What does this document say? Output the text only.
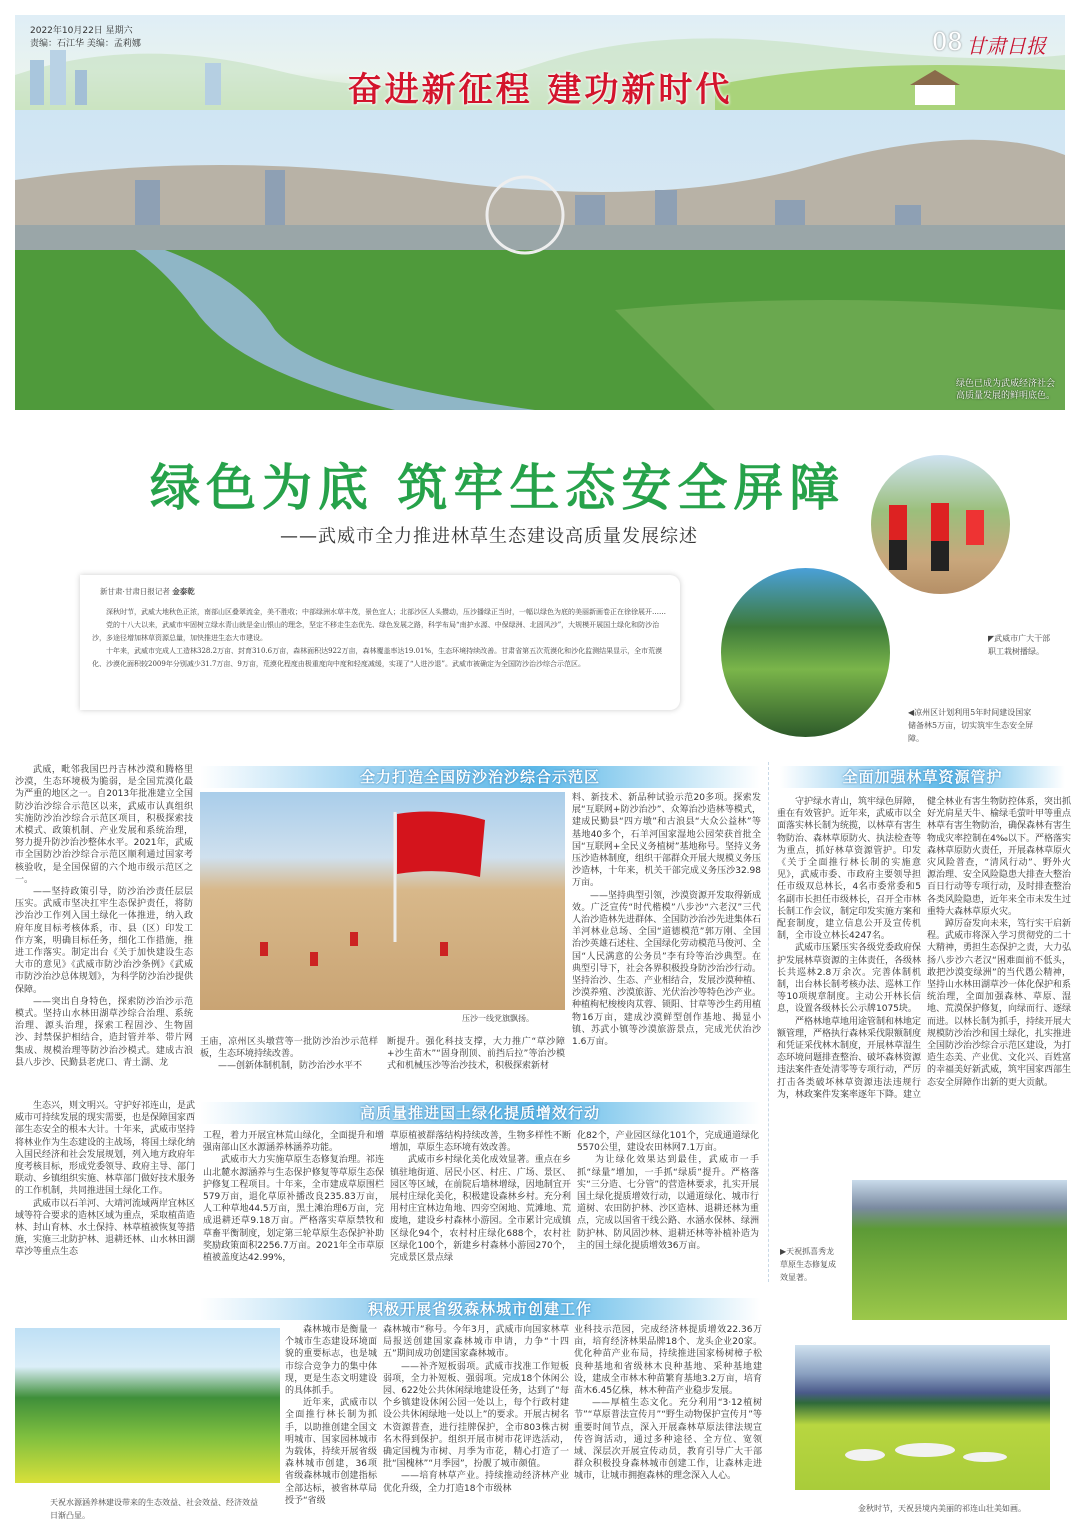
2022年10月22日 星期六
责编：石江华 美编：孟莉娜	08 甘肃日报
奋进新征程 建功新时代
绿色已成为武威经济社会
高质量发展的鲜明底色。
绿色为底 筑牢生态安全屏障
——武威市全力推进林草生态建设高质量发展综述
◤武威市广大干部职工栽树播绿。
◀凉州区计划利用5年时间建设国家储备林5万亩，切实筑牢生态安全屏障。
新甘肃·甘肃日报记者 金泰乾

深秋时节，武威大地秋色正浓，南部山区叠翠流金，美不胜收；中部绿洲水草丰茂，景色宜人；北部沙区人头攒动，压沙播绿正当时，一幅以绿色为底的美丽新画卷正在徐徐展开……

党的十八大以来，武威市牢固树立绿水青山就是金山银山的理念，坚定不移走生态优先、绿色发展之路，科学布局“南护水源、中保绿洲、北固风沙”，大规模开展国土绿化和防沙治沙，多途径增加林草资源总量，加快推进生态大市建设。

十年来，武威市完成人工造林328.2万亩、封育310.6万亩，森林面积达922万亩，森林覆盖率达19.01%，生态环境持续改善。甘肃省第五次荒漠化和沙化监测结果显示，全市荒漠化、沙漠化面积较2009年分别减少31.7万亩、9万亩，荒漠化程度由极重度向中度和轻度减缓，实现了“人进沙退”。武威市被确定为全国防沙治沙综合示范区。

全力打造全国防沙治沙综合示范区

武威，毗邻我国巴丹吉林沙漠和腾格里沙漠，生态环境极为脆弱，是全国荒漠化最为严重的地区之一。自2013年批准建立全国防沙治沙综合示范区以来，武威市认真组织实施防沙治沙综合示范区项目，积极探索技术模式、政策机制、产业发展和系统治理，努力提升防沙治沙整体水平。2021年，武威市全国防沙治沙综合示范区顺利通过国家考核验收，是全国保留的六个地市级示范区之一。

——坚持政策引导，防沙治沙责任层层压实。武威市坚决扛牢生态保护责任，将防沙治沙工作列入国土绿化一体推进，纳入政府年度目标考核体系，市、县（区）印发工作方案，明确目标任务，细化工作措施，推进工作落实。制定出台《关于加快建设生态大市的意见》《武威市防沙治沙条例》《武威市防沙治沙总体规划》，为科学防沙治沙提供保障。

——突出自身特色，探索防沙治沙示范模式。坚持山水林田湖草沙综合治理、系统治理、源头治理，探索工程固沙、生物固沙、封禁保护相结合，造封管并举、带片网集成、规模治理等防沙治沙模式。建成古浪县八步沙、民勤县老虎口、青土湖、龙

压沙一线党旗飘扬。

王庙，凉州区头墩营等一批防沙治沙示范样板，生态环境持续改善。

——创新体制机制，防沙治沙水平不

断提升。强化科技支撑，大力推广“草沙障+沙生苗木”“固身削顶、前挡后拉”等治沙模式和机械压沙等治沙技术，积极探索新材

料、新技术、新品种试验示范20多项。探索发展“互联网+防沙治沙”、众筹治沙造林等模式，建成民勤县“四方墩”和古浪县“大众公益林”等基地40多个，石羊河国家湿地公园荣获首批全国“互联网+全民义务植树”基地称号。坚持义务压沙造林制度，组织干部群众开展大规模义务压沙造林，十年来，机关干部完成义务压沙32.98万亩。

——坚持典型引领，沙漠资源开发取得新成效。广泛宣传“时代楷模”八步沙“六老汉”三代人治沙造林先进群体、全国防沙治沙先进集体石羊河林业总场、全国“道德模范”郭万刚、全国治沙英雄石述柱、全国绿化劳动模范马俊河、全国“人民满意的公务员”李有玲等治沙典型。在典型引导下，社会各界积极投身防沙治沙行动。坚持治沙、生态、产业相结合，发展沙漠种植、沙漠养殖、沙漠旅游、光伏治沙等特色沙产业。种植枸杞梭梭肉苁蓉、锁阳、甘草等沙生药用植物16万亩，建成沙漠鲜型创作基地、揭显小镇、苏武小镇等沙漠旅游景点，完成光伏治沙1.6万亩。

全面加强林草资源管护

守护绿水青山，筑牢绿色屏障，重在有效管护。近年来，武威市以全面落实林长制为统揽，以林草有害生物防治、森林草原防火、执法检查等为重点，抓好林草资源管护。印发《关于全面推行林长制的实施意见》，武威市委、市政府主要领导担任市级双总林长，4名市委常委和5名副市长担任市级林长，召开全市林长制工作会议，制定印发实施方案和配套制度，建立信息公开及宣传机制，全市设立林长4247名。

武威市压紧压实各级党委政府保护发展林草资源的主体责任，各级林长共巡林2.8万余次。完善体制机制，出台林长制考核办法、巡林工作等10项规章制度。主动公开林长信息，设置各级林长公示牌1075块。

严格林地草地用途管制和林地定额管理，严格执行森林采伐限额制度和凭证采伐林木制度，开展林草湿生态环境问题排查整治、破坏森林资源违法案件查处清零等专项行动，严厉打击各类破坏林草资源违法违规行为，林政案件发案率逐年下降。建立

健全林业有害生物防控体系，突出抓好光肩星天牛、榆绿毛萤叶甲等重点林草有害生物防治，确保森林有害生物成灾率控制在4‰以下。严格落实森林草原防火责任，开展森林草原火灾风险普查，“清风行动”、野外火源治理、安全风险隐患大排查大整治百日行动等专项行动，及时排查整治各类风险隐患，近年来全市未发生过重特大森林草原火灾。

踔厉奋发向未来，笃行实干启新程。武威市将深入学习贯彻党的二十大精神，勇担生态保护之责，大力弘扬八步沙六老汉“困难面前不低头，敢把沙漠变绿洲”的当代愚公精神，坚持山水林田湖草沙一体化保护和系统治理，全面加强森林、草原、湿地、荒漠保护修复，向绿而行、逐绿而进。以林长制为抓手，持续开展大规模防沙治沙和国土绿化，扎实推进全国防沙治沙综合示范区建设，为打造生态美、产业优、文化兴、百姓富的幸福美好新武威，筑牢国家西部生态安全屏障作出新的更大贡献。

高质量推进国土绿化提质增效行动

生态兴，则文明兴。守护好祁连山，是武威市可持续发展的现实需要，也是保障国家西部生态安全的根本大计。十年来，武威市坚持将林业作为生态建设的主战场，将国土绿化纳入国民经济和社会发展规划，列入地方政府年度考核目标，形成党委领导、政府主导、部门联动、乡镇组织实施、林草部门做好技术服务的工作机制，共同推进国土绿化工作。

武威市以石羊河、大靖河流域两岸宜林区域等符合要求的造林区域为重点，采取植苗造林、封山育林、水土保持、林草植被恢复等措施，实施三北防护林、退耕还林、山水林田湖草沙等重点生态

工程，着力开展宜林荒山绿化，全面提升和增强南部山区水源涵养林涵养功能。

武威市大力实施草原生态修复治理。祁连山北麓水源涵养与生态保护修复等草原生态保护修复工程项目。十年来，全市建成草原围栏579万亩，退化草原补播改良235.83万亩，人工种草地44.5万亩，黑土滩治理6万亩，完成退耕还草9.18万亩。严格落实草原禁牧和草畜平衡制度，划定第三轮草原生态保护补助奖励政策面积2256.7万亩。2021年全市草原植被盖度达42.99%，

草原植被群落结构持续改善，生物多样性不断增加，草原生态环境有效改善。

武威市乡村绿化美化成效显著。重点在乡镇驻地街道、居民小区、村庄、广场、景区、园区等区域，在前院后墙林增绿，因地制宜开展村庄绿化美化，积极建设森林乡村。充分利用村庄宜林边角地、四旁空闲地、荒滩地、荒废地，建设乡村森林小游园。全市累计完成镇区绿化94个，农村村庄绿化688个，农村社区绿化100个，新建乡村森林小游园270个，完成景区景点绿

化82个，产业园区绿化101个，完成通道绿化5570公里，建设农田林网7.1万亩。

为让绿化效果达到最佳，武威市一手抓“绿量”增加，一手抓“绿质”提升。严格落实“三分造、七分管”的营造林要求，扎实开展国土绿化提质增效行动，以通道绿化、城市行道树、农田防护林、沙区造林、退耕还林为重点，完成以国省干线公路、水涵水保林、绿洲防护林、防风固沙林、退耕还林等补植补造为主的国土绿化提质增效36万亩。

▶天祝抓喜秀龙草原生态修复成效显著。
积极开展省级森林城市创建工作
天祝水源涵养林建设带来的生态效益、社会效益、经济效益日渐凸显。

森林城市是衡量一个城市生态建设环境面貌的重要标志，也是城市综合竞争力的集中体现，更是生态文明建设的具体抓手。

近年来，武威市以全面推行林长制为抓手，以助推创建全国文明城市、国家园林城市为载体，持续开展省级森林城市创建，36项省级森林城市创建指标全部达标，被省林草局授予“省级

森林城市”称号。今年3月，武威市向国家林草局报送创建国家森林城市申请，力争“十四五”期间成功创建国家森林城市。

——补齐短板弱项。武威市找准工作短板弱项，全力补短板、强弱项。完成18个休闲公园、622处公共休闲绿地建设任务，达到了“每个乡镇建设休闲公园一处以上，每个行政村建设公共休闲绿地一处以上”的要求。开展古树名木资源普查，进行挂牌保护，全市803株古树名木得到保护。组织开展市树市花评选活动，确定国槐为市树、月季为市花，精心打造了一批“国槐林”“月季园”，扮靓了城市颜值。

——培育林草产业。持续推动经济林产业优化升级，全力打造18个市级林

业科技示范园，完成经济林提质增效22.36万亩，培育经济林果品牌18个、龙头企业20家。优化种苗产业布局，持续推进国家杨树樟子松良种基地和省级林木良种基地、采种基地建设，建成全市林木种苗繁育基地3.2万亩，培育苗木6.45亿株，林木种苗产业稳步发展。

——厚植生态文化。充分利用“3·12植树节”“草原普法宣传月”“野生动物保护宣传月”等重要时间节点，深入开展森林草原法律法规宣传咨询活动，通过多种途径、全方位、宽领域、深层次开展宣传动员，教育引导广大干部群众积极投身森林城市创建工作，让森林走进城市，让城市拥抱森林的理念深入人心。

金秋时节，天祝县境内美丽的祁连山壮美如画。
